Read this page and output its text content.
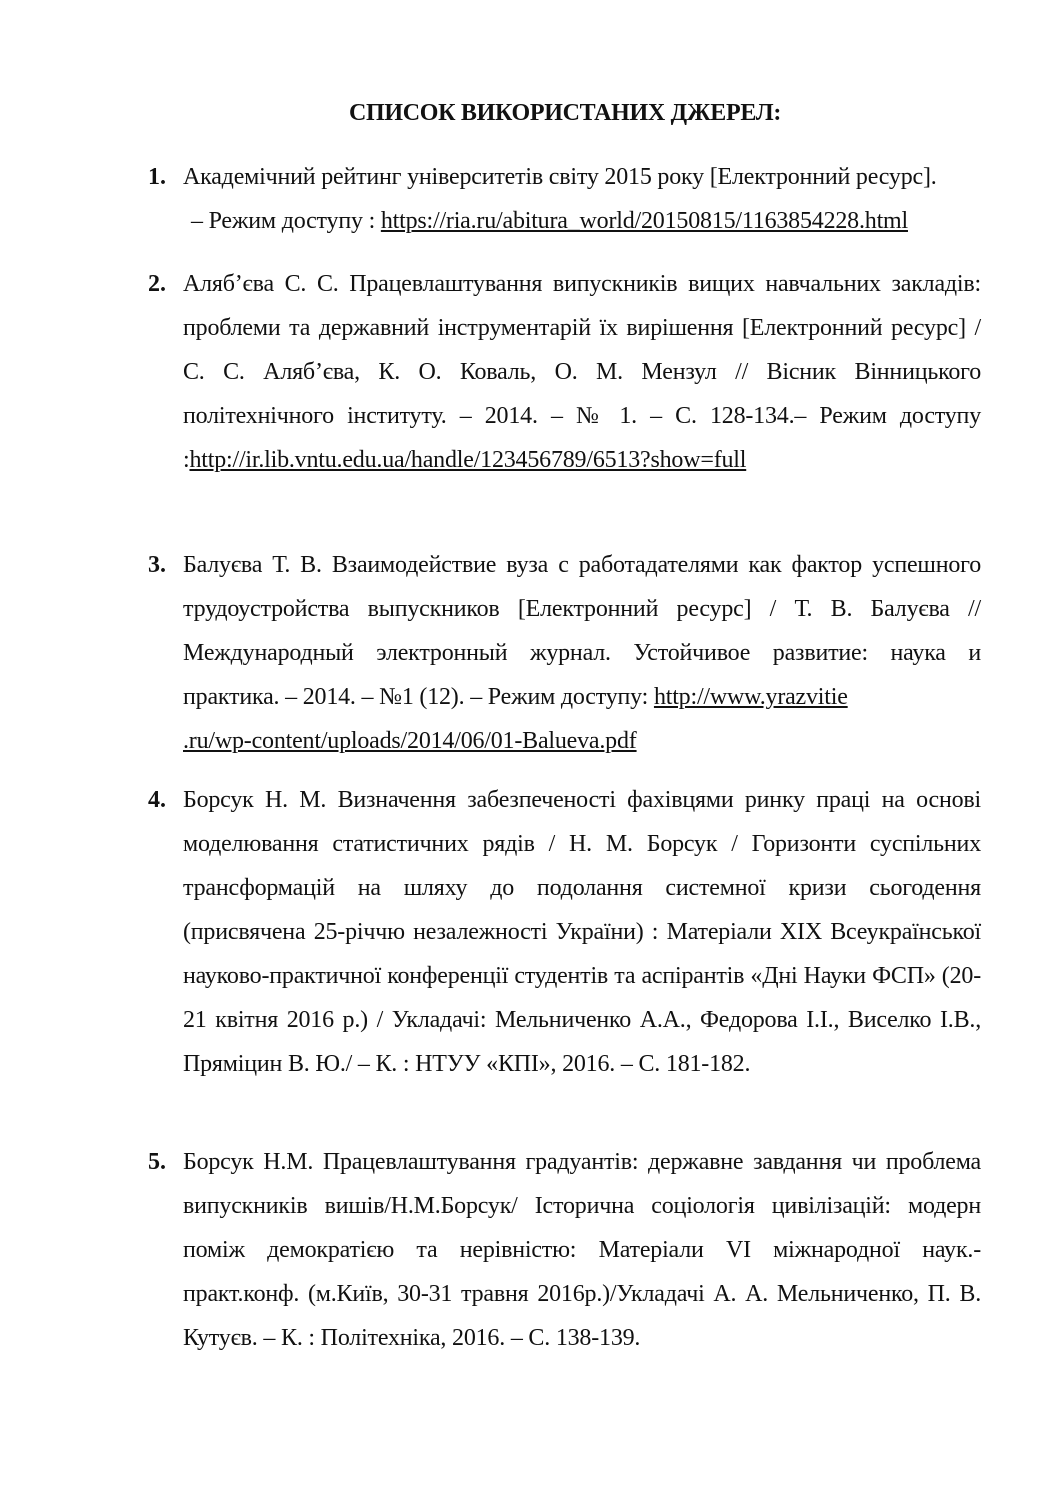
СПИСОК ВИКОРИСТАНИХ ДЖЕРЕЛ:
1. Академічний рейтинг університетів світу 2015 року [Електронний ресурс].
– Режим доступу : https://ria.ru/abitura_world/20150815/1163854228.html
2. Аляб’єва С. С. Працевлаштування випускників вищих навчальних закладів: проблеми та державний інструментарій їх вирішення [Електронний ресурс] / С. С. Аляб’єва, К. О. Коваль, О. М. Мензул // Вісник Вінницького політехнічного інституту. – 2014. – № 1. – С. 128-134.– Режим доступу
:http://ir.lib.vntu.edu.ua/handle/123456789/6513?show=full
3. Балуєва Т. В. Взаимодействие вуза с работадателями как фактор успешного трудоустройства выпускников [Електронний ресурс] / Т. В. Балуєва // Международный электронный журнал. Устойчивое развитие: наука и практика. – 2014. – №1 (12). – Режим доступу: http://www.yrazvitie
.ru/wp-content/uploads/2014/06/01-Balueva.pdf
4. Борсук Н. М. Визначення забезпеченості фахівцями ринку праці на основі моделювання статистичних рядів / Н. М. Борсук / Горизонти суспільних трансформацій на шляху до подолання системної кризи сьогодення (присвячена 25-річчю незалежності України) : Матеріали XIX Всеукраїнської науково-практичної конференції студентів та аспірантів «Дні Науки ФСП» (20-21 квітня 2016 р.) / Укладачі: Мельниченко А.А., Федорова І.І., Виселко І.В., Пряміцин В. Ю./ – К. : НТУУ «КПІ», 2016. – С. 181-182.
5. Борсук Н.М. Працевлаштування градуантів: державне завдання чи проблема випускників вишів/Н.М.Борсук/ Історична соціологія цивілізацій: модерн поміж демократією та нерівністю: Матеріали VI міжнародної наук.-практ.конф. (м.Київ, 30-31 травня 2016р.)/Укладачі А. А. Мельниченко, П. В. Кутуєв. – К. : Політехніка, 2016. – С. 138-139.
